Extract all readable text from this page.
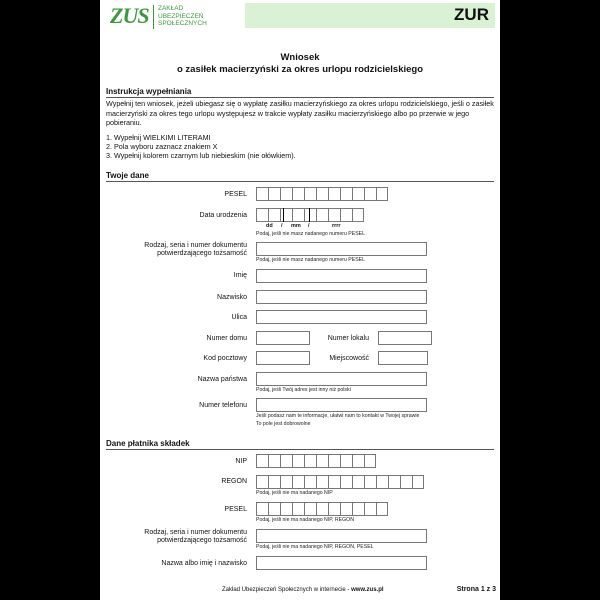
ZUS ZAKŁAD
UBEZPIECZEŃ
SPOŁECZNYCH	ZUR
Wniosek
o zasiłek macierzyński za okres urlopu rodzicielskiego
Instrukcja wypełniania
Wypełnij ten wniosek, jeżeli ubiegasz się o wypłatę zasiłku macierzyńskiego za okres urlopu rodzicielskiego, jeśli o zasiłek macierzyński za okres tego urlopu występujesz w trakcie wypłaty zasiłku macierzyńskiego albo po przerwie w jego pobieraniu.
1. Wypełnij WIELKIMI LITERAMI
2. Pola wyboru zaznacz znakiem X
3. Wypełnij kolorem czarnym lub niebieskim (nie ołówkiem).
Twoje dane
PESEL
Data urodzenia
dd / mm /	rrrr
Podaj, jeśli nie masz nadanego numeru PESEL
Rodzaj, seria i numer dokumentu
potwierdzającego tożsamość
Podaj, jeśli nie masz nadanego numeru PESEL
Imię
Nazwisko
Ulica
Numer domu	Numer lokalu
Kod pocztowy	Miejscowość
Nazwa państwa
Podaj, jeśli Twój adres jest inny niż polski
Numer telefonu
Jeśli podasz nam te informacje, ułatwi nam to kontakt w Twojej sprawie
To pole jest dobrowolne
Dane płatnika składek
NIP
REGON
Podaj, jeśli nie ma nadanego NIP
PESEL
Podaj, jeśli nie ma nadanego NIP, REGON
Rodzaj, seria i numer dokumentu
potwierdzającego tożsamość
Podaj, jeśli nie ma nadanego NIP, REGON, PESEL
Nazwa albo imię i nazwisko
Zakład Ubezpieczeń Społecznych w internecie - www.zus.pl	Strona 1 z 3
